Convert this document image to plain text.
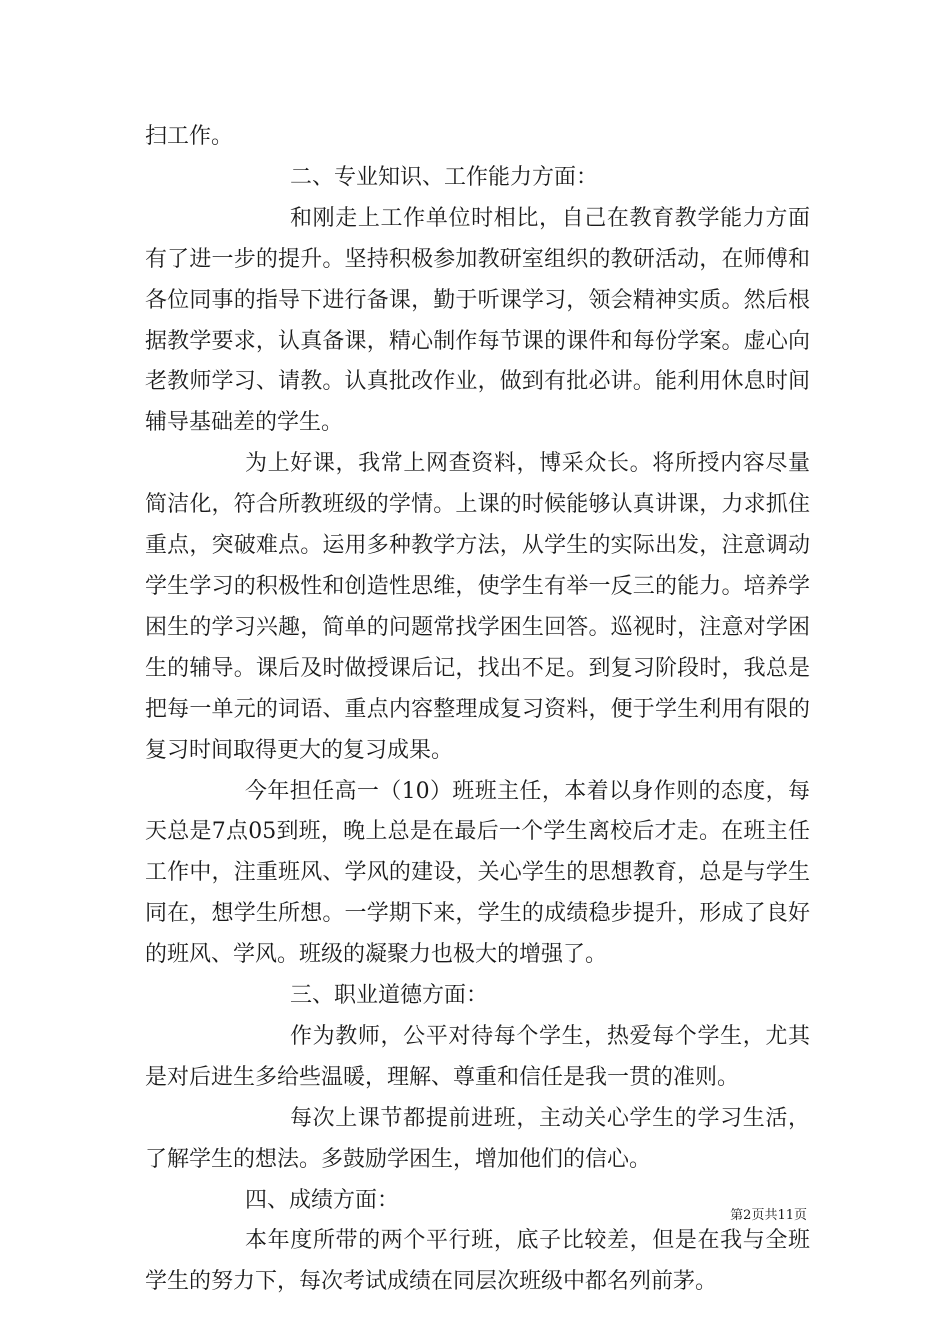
扫工作。

二、专业知识、工作能力方面：

和刚走上工作单位时相比，自己在教育教学能力方面有了进一步的提升。坚持积极参加教研室组织的教研活动，在师傅和各位同事的指导下进行备课，勤于听课学习，领会精神实质。然后根据教学要求，认真备课，精心制作每节课的课件和每份学案。虚心向老教师学习、请教。认真批改作业，做到有批必讲。能利用休息时间辅导基础差的学生。

为上好课，我常上网查资料，博采众长。将所授内容尽量简洁化，符合所教班级的学情。上课的时候能够认真讲课，力求抓住重点，突破难点。运用多种教学方法，从学生的实际出发，注意调动学生学习的积极性和创造性思维，使学生有举一反三的能力。培养学困生的学习兴趣，简单的问题常找学困生回答。巡视时，注意对学困生的辅导。课后及时做授课后记，找出不足。到复习阶段时，我总是把每一单元的词语、重点内容整理成复习资料，便于学生利用有限的复习时间取得更大的复习成果。

今年担任高一（10）班班主任，本着以身作则的态度，每天总是7点05到班，晚上总是在最后一个学生离校后才走。在班主任工作中，注重班风、学风的建设，关心学生的思想教育，总是与学生同在，想学生所想。一学期下来，学生的成绩稳步提升，形成了良好的班风、学风。班级的凝聚力也极大的增强了。

三、职业道德方面：

作为教师，公平对待每个学生，热爱每个学生，尤其是对后进生多给些温暖，理解、尊重和信任是我一贯的准则。

每次上课节都提前进班，主动关心学生的学习生活，了解学生的想法。多鼓励学困生，增加他们的信心。

四、成绩方面：

本年度所带的两个平行班，底子比较差，但是在我与全班学生的努力下，每次考试成绩在同层次班级中都名列前茅。

第2页共11页
